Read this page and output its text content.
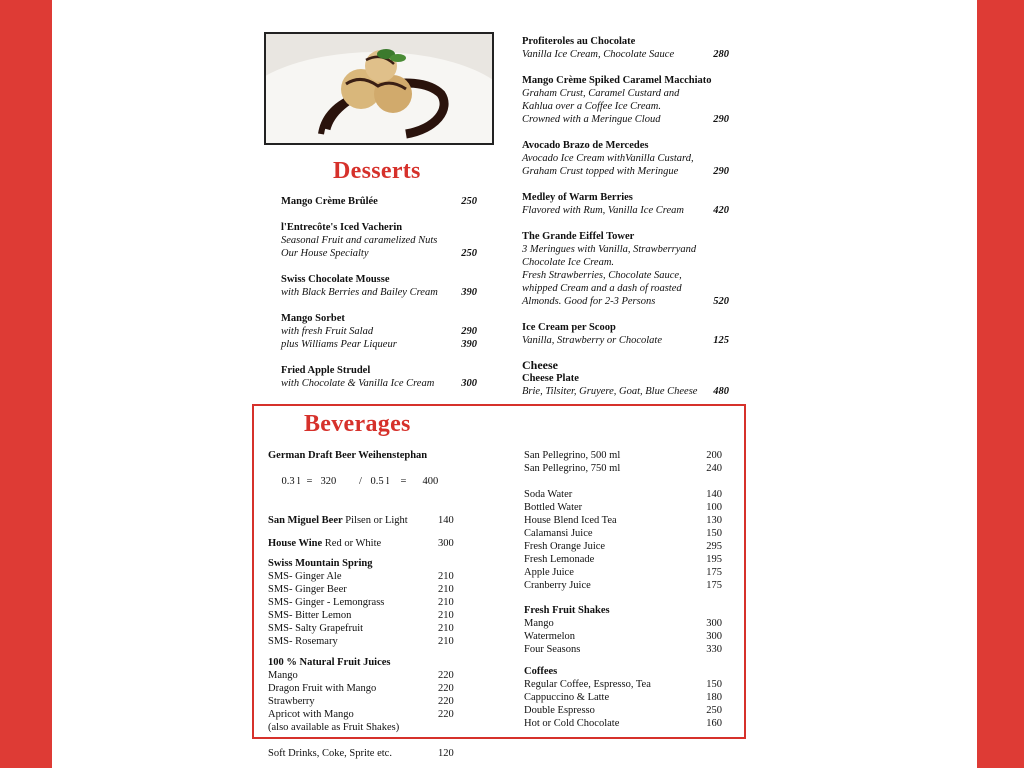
Desserts
Mango Crème Brûlée	250
l'Entrecôte's Iced Vacherin
Seasonal Fruit and caramelized Nuts
Our House Specialty	250
Swiss Chocolate Mousse
with Black Berries and Bailey Cream 390
Mango Sorbet
with fresh Fruit Salad	290
plus Williams Pear Liqueur	390
Fried Apple Strudel
with Chocolate & Vanilla Ice Cream	300
Profiteroles au Chocolate
Vanilla Ice Cream, Chocolate Sauce	280
Mango Crème Spiked Caramel Macchiato
Graham Crust, Caramel Custard and
Kahlua over a Coffee Ice Cream.
Crowned with a Meringue Cloud	290
Avocado Brazo de Mercedes
Avocado Ice Cream withVanilla Custard,
Graham Crust topped with Meringue	290
Medley of Warm Berries
Flavored with Rum, Vanilla Ice Cream	420
The Grande Eiffel Tower
3 Meringues with Vanilla, Strawberryand
Chocolate Ice Cream.
Fresh Strawberries, Chocolate Sauce,
whipped Cream and a dash of roasted
Almonds. Good for 2-3 Persons	520
Ice Cream per Scoop
Vanilla, Strawberry or Chocolate	125
Cheese
Cheese Plate
Brie, Tilsiter, Gruyere, Goat, Blue Cheese 480
Beverages
German Draft Beer Weihenstephan

0.3 l = 320 / 0.5 l = 400

San Miguel Beer Pilsen or Light	140
House Wine Red or White	300
Swiss Mountain Spring
SMS- Ginger Ale	210
SMS- Ginger Beer	210
SMS- Ginger - Lemongrass	210
SMS- Bitter Lemon	210
SMS- Salty Grapefruit	210
SMS- Rosemary	210
100 % Natural Fruit Juices
Mango	220
Dragon Fruit with Mango	220
Strawberry	220
Apricot with Mango	220
(also available as Fruit Shakes)
Soft Drinks, Coke, Sprite etc.	120
San Pellegrino, 500 ml	200
San Pellegrino, 750 ml	240
Soda Water	140
Bottled Water	100
House Blend Iced Tea	130
Calamansi Juice	150
Fresh Orange Juice	295
Fresh Lemonade	195
Apple Juice	175
Cranberry Juice	175
Fresh Fruit Shakes
Mango	300
Watermelon	300
Four Seasons	330
Coffees
Regular Coffee, Espresso, Tea	150
Cappuccino & Latte	180
Double Espresso	250
Hot or Cold Chocolate	160
